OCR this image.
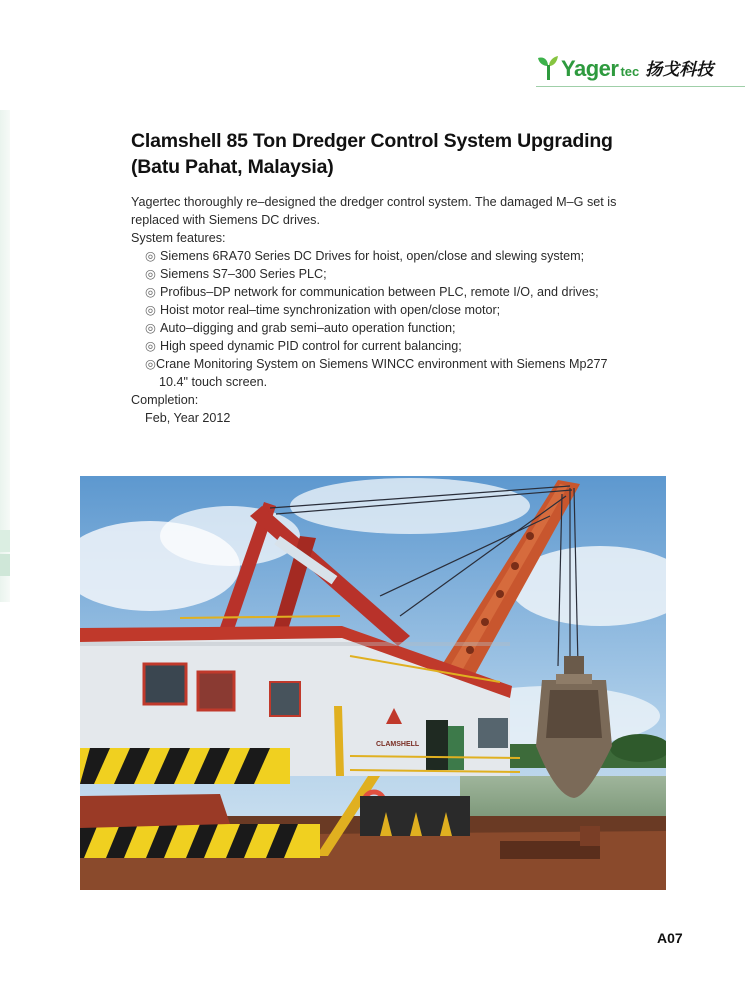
Yager tec 扬戈科技
Clamshell 85 Ton Dredger Control System Upgrading
(Batu Pahat, Malaysia)

Yagertec thoroughly re–designed the dredger control system. The damaged M–G set is

replaced with Siemens DC drives.

System features:

◎ Siemens 6RA70 Series DC Drives for hoist, open/close and slewing system;
◎ Siemens S7–300 Series PLC;
◎ Profibus–DP network for communication between PLC, remote I/O, and drives;
◎ Hoist motor real–time synchronization with open/close motor;
◎ Auto–digging and grab semi–auto operation function;
◎ High speed dynamic PID control for current balancing;
◎Crane Monitoring System on Siemens WINCC environment with Siemens Mp277

10.4" touch screen.

Completion:

Feb, Year 2012

CLAMSHELL
A07
